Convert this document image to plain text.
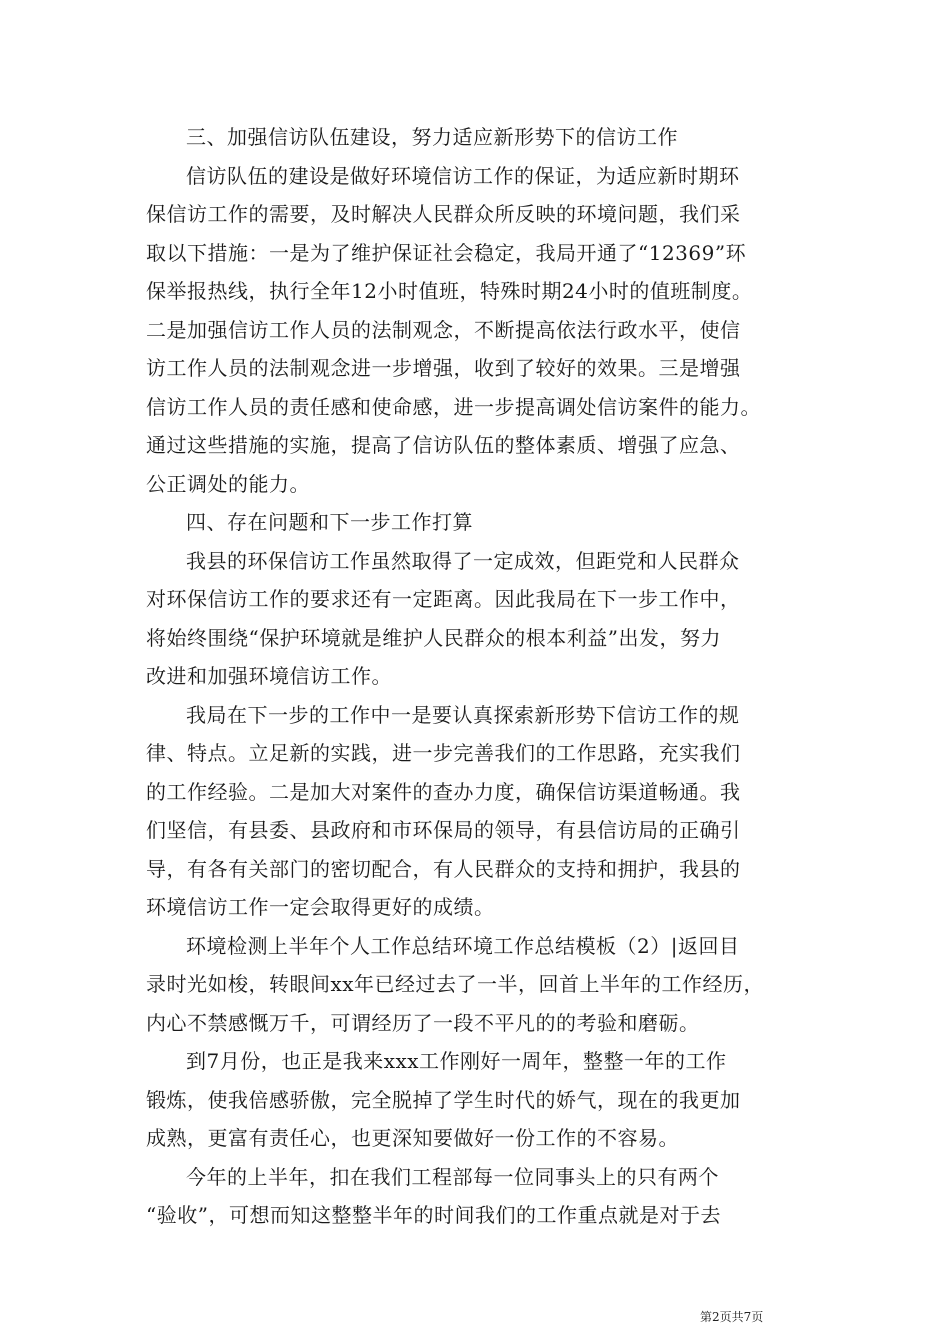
三、加强信访队伍建设，努力适应新形势下的信访工作
信访队伍的建设是做好环境信访工作的保证，为适应新时期环
保信访工作的需要，及时解决人民群众所反映的环境问题，我们采
取以下措施：一是为了维护保证社会稳定，我局开通了“12369”环
保举报热线，执行全年12小时值班，特殊时期24小时的值班制度。
二是加强信访工作人员的法制观念，不断提高依法行政水平，使信
访工作人员的法制观念进一步增强，收到了较好的效果。三是增强
信访工作人员的责任感和使命感，进一步提高调处信访案件的能力。
通过这些措施的实施，提高了信访队伍的整体素质、增强了应急、
公正调处的能力。
四、存在问题和下一步工作打算
我县的环保信访工作虽然取得了一定成效，但距党和人民群众
对环保信访工作的要求还有一定距离。因此我局在下一步工作中，
将始终围绕“保护环境就是维护人民群众的根本利益”出发，努力
改进和加强环境信访工作。
我局在下一步的工作中一是要认真探索新形势下信访工作的规
律、特点。立足新的实践，进一步完善我们的工作思路，充实我们
的工作经验。二是加大对案件的查办力度，确保信访渠道畅通。我
们坚信，有县委、县政府和市环保局的领导，有县信访局的正确引
导，有各有关部门的密切配合，有人民群众的支持和拥护，我县的
环境信访工作一定会取得更好的成绩。
环境检测上半年个人工作总结环境工作总结模板（2）|返回目
录时光如梭，转眼间xx年已经过去了一半，回首上半年的工作经历，
内心不禁感慨万千，可谓经历了一段不平凡的的考验和磨砺。
到7月份，也正是我来xxx工作刚好一周年，整整一年的工作
锻炼，使我倍感骄傲，完全脱掉了学生时代的娇气，现在的我更加
成熟，更富有责任心，也更深知要做好一份工作的不容易。
今年的上半年，扣在我们工程部每一位同事头上的只有两个
“验收”，可想而知这整整半年的时间我们的工作重点就是对于去
第2页共7页
